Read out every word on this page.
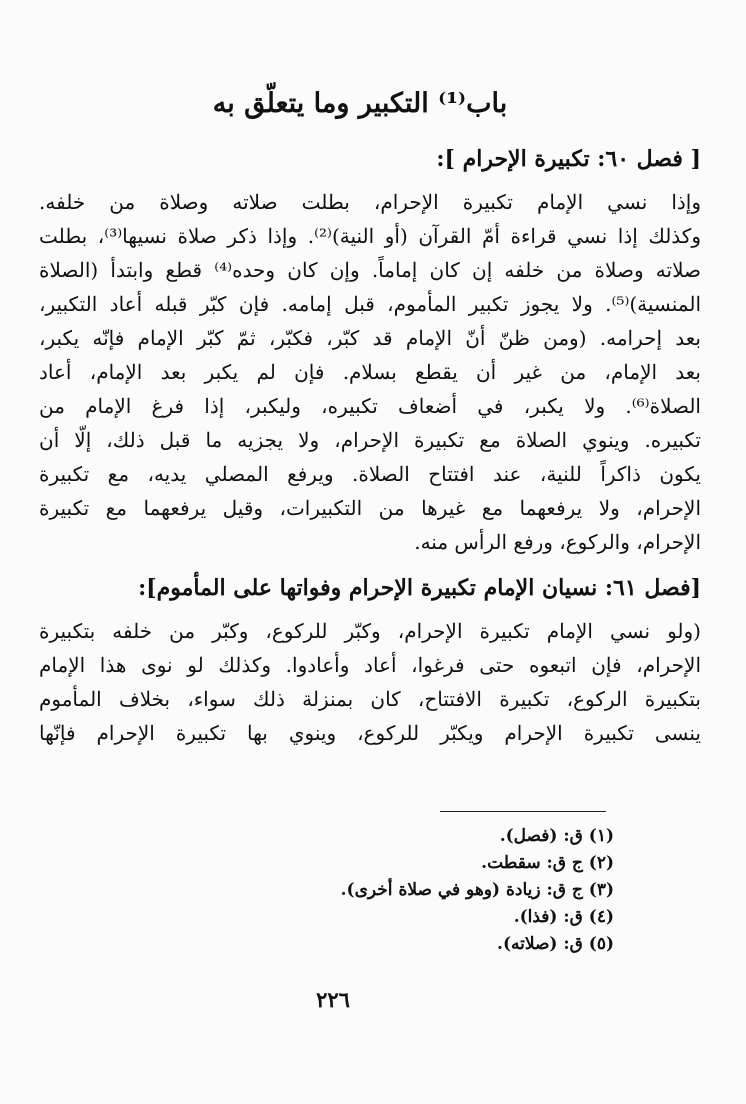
باب⁽¹⁾ التكبير وما يتعلّق به
[ فصل ٦٠: تكبيرة الإحرام ]:
وإذا نسي الإمام تكبيرة الإحرام، بطلت صلاته وصلاة من خلفه.
وكذلك إذا نسي قراءة أمّ القرآن (أو النية)⁽²⁾. وإذا ذكر صلاة نسيها⁽³⁾، بطلت
صلاته وصلاة من خلفه إن كان إماماً. وإن كان وحده⁽⁴⁾ قطع وابتدأ (الصلاة
المنسية)⁽⁵⁾. ولا يجوز تكبير المأموم، قبل إمامه. فإن كبّر قبله أعاد التكبير،
بعد إحرامه. (ومن ظنّ أنّ الإمام قد كبّر، فكبّر، ثمّ كبّر الإمام فإنّه يكبر،
بعد الإمام، من غير أن يقطع بسلام. فإن لم يكبر بعد الإمام، أعاد
الصلاة⁽⁶⁾. ولا يكبر، في أضعاف تكبيره، وليكبر، إذا فرغ الإمام من
تكبيره. وينوي الصلاة مع تكبيرة الإحرام، ولا يجزيه ما قبل ذلك، إلّا أن
يكون ذاكراً للنية، عند افتتاح الصلاة. ويرفع المصلي يديه، مع تكبيرة
الإحرام، ولا يرفعهما مع غيرها من التكبيرات، وقيل يرفعهما مع تكبيرة
الإحرام، والركوع، ورفع الرأس منه.
[فصل ٦١: نسيان الإمام تكبيرة الإحرام وفواتها على المأموم]:
(ولو نسي الإمام تكبيرة الإحرام، وكبّر للركوع، وكبّر من خلفه بتكبيرة
الإحرام، فإن اتبعوه حتى فرغوا، أعاد وأعادوا. وكذلك لو نوى هذا الإمام
بتكبيرة الركوع، تكبيرة الافتتاح، كان بمنزلة ذلك سواء، بخلاف المأموم
ينسى تكبيرة الإحرام ويكبّر للركوع، وينوي بها تكبيرة الإحرام فإنّها
(١) ق: (فصل).
(٢) ج ق: سقطت.
(٣) ج ق: زيادة (وهو في صلاة أخرى).
(٤) ق: (فذا).
(٥) ق: (صلاته).
٢٢٦
